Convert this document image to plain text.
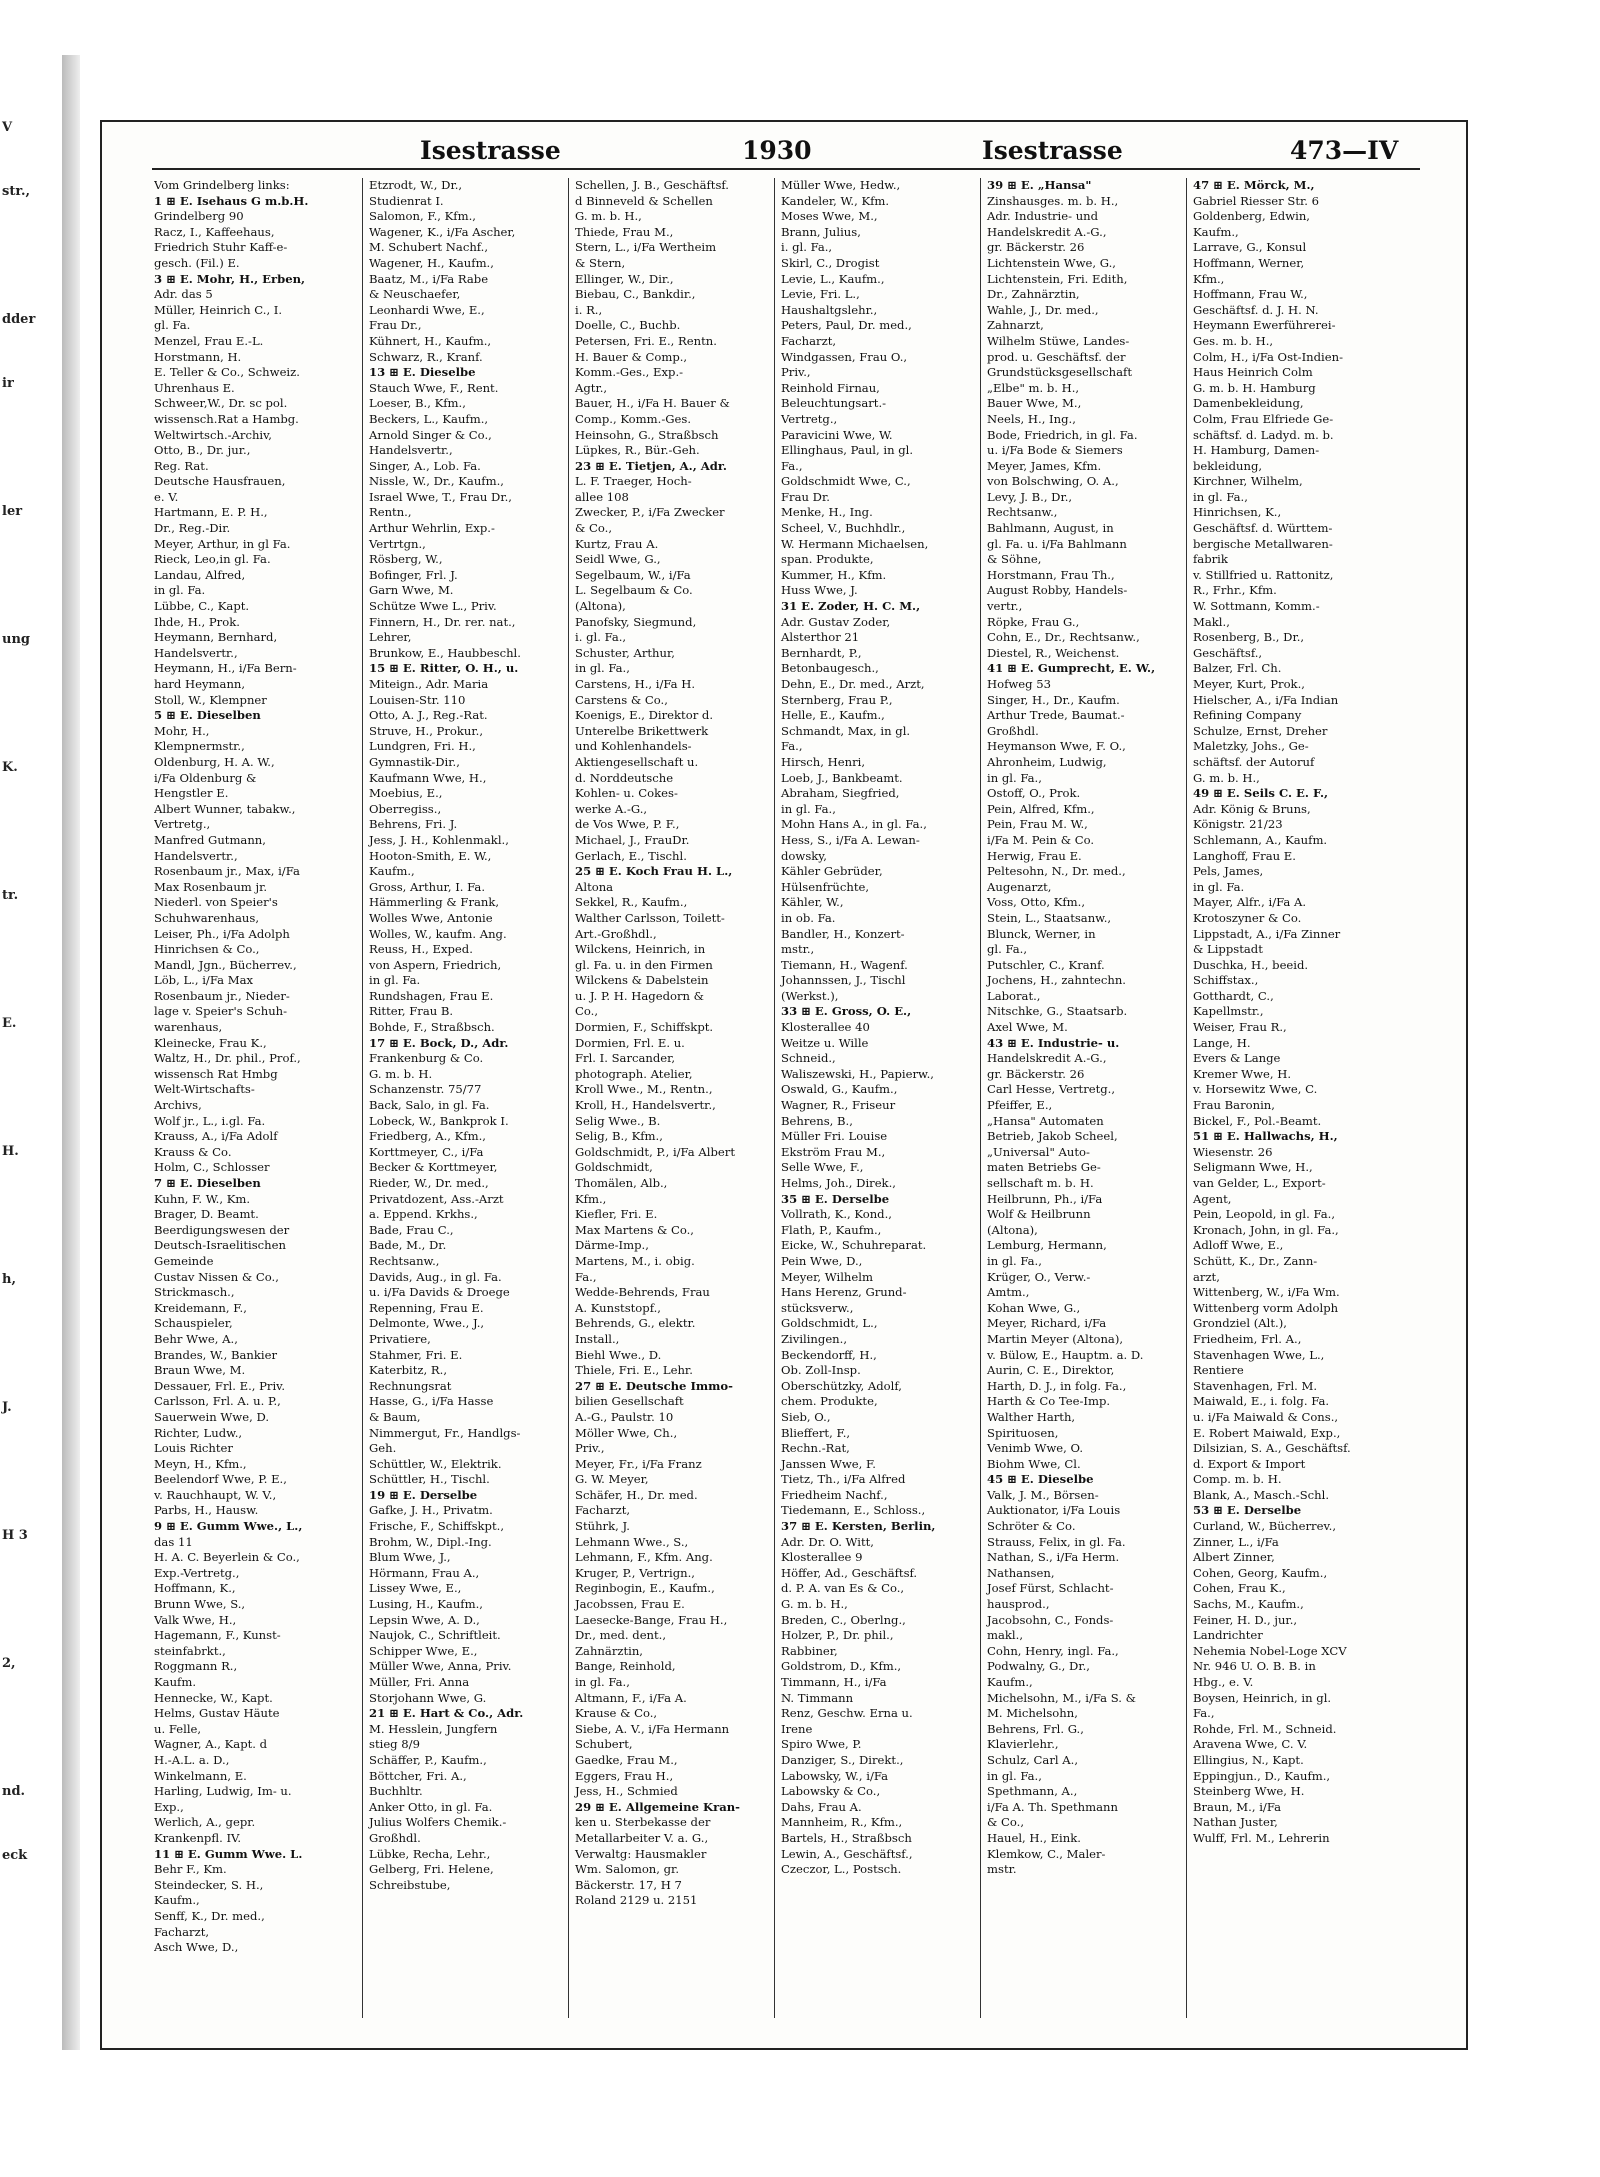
V
str.,
dder
ir
ler
ung
K.
tr.
E.
H.
h,
J.
H 3
2,
nd.
eck
Isestrasse	1930	Isestrasse	473—IV
Vom Grindelberg links:
1 ⊞ E. Isehaus G m.b.H.
Grindelberg 90
Racz, I., Kaffeehaus,
Friedrich Stuhr Kaff-e-
gesch. (Fil.) E.
3 ⊞ E. Mohr, H., Erben,
Adr. das 5
Müller, Heinrich C., I.
gl. Fa.
Menzel, Frau E.-L.
Horstmann, H.
E. Teller & Co., Schweiz.
Uhrenhaus E.
Schweer,W., Dr. sc pol.
wissensch.Rat a Hambg.
Weltwirtsch.-Archiv,
Otto, B., Dr. jur.,
Reg. Rat.
Deutsche Hausfrauen,
e. V.
Hartmann, E. P. H.,
Dr., Reg.-Dir.
Meyer, Arthur, in gl Fa.
Rieck, Leo,in gl. Fa.
Landau, Alfred,
in gl. Fa.
Lübbe, C., Kapt.
Ihde, H., Prok.
Heymann, Bernhard,
Handelsvertr.,
Heymann, H., i/Fa Bern-
hard Heymann,
Stoll, W., Klempner
5 ⊞ E. Dieselben
Mohr, H.,
Klempnermstr.,
Oldenburg, H. A. W.,
i/Fa Oldenburg &
Hengstler E.
Albert Wunner, tabakw.,
Vertretg.,
Manfred Gutmann,
Handelsvertr.,
Rosenbaum jr., Max, i/Fa
Max Rosenbaum jr.
Niederl. von Speier's
Schuhwarenhaus,
Leiser, Ph., i/Fa Adolph
Hinrichsen & Co.,
Mandl, Jgn., Bücherrev.,
Löb, L., i/Fa Max
Rosenbaum jr., Nieder-
lage v. Speier's Schuh-
warenhaus,
Kleinecke, Frau K.,
Waltz, H., Dr. phil., Prof.,
wissensch Rat Hmbg
Welt-Wirtschafts-
Archivs,
Wolf jr., L., i.gl. Fa.
Krauss, A., i/Fa Adolf
Krauss & Co.
Holm, C., Schlosser
7 ⊞ E. Dieselben
Kuhn, F. W., Km.
Brager, D. Beamt.
Beerdigungswesen der
Deutsch-Israelitischen
Gemeinde
Custav Nissen & Co.,
Strickmasch.,
Kreidemann, F.,
Schauspieler,
Behr Wwe, A.,
Brandes, W., Bankier
Braun Wwe, M.
Dessauer, Frl. E., Priv.
Carlsson, Frl. A. u. P.,
Sauerwein Wwe, D.
Richter, Ludw.,
Louis Richter
Meyn, H., Kfm.,
Beelendorf Wwe, P. E.,
v. Rauchhaupt, W. V.,
Parbs, H., Hausw.
9 ⊞ E. Gumm Wwe., L.,
das 11
H. A. C. Beyerlein & Co.,
Exp.-Vertretg.,
Hoffmann, K.,
Brunn Wwe, S.,
Valk Wwe, H.,
Hagemann, F., Kunst-
steinfabrkt.,
Roggmann R.,
Kaufm.
Hennecke, W., Kapt.
Helms, Gustav Häute
u. Felle,
Wagner, A., Kapt. d
H.-A.L. a. D.,
Winkelmann, E.
Harling, Ludwig, Im- u.
Exp.,
Werlich, A., gepr.
Krankenpfl. IV.
11 ⊞ E. Gumm Wwe. L.
Behr F., Km.
Steindecker, S. H.,
Kaufm.,
Senff, K., Dr. med.,
Facharzt,
Asch Wwe, D.,
Etzrodt, W., Dr.,
Studienrat I.
Salomon, F., Kfm.,
Wagener, K., i/Fa Ascher,
M. Schubert Nachf.,
Wagener, H., Kaufm.,
Baatz, M., i/Fa Rabe
& Neuschaefer,
Leonhardi Wwe, E.,
Frau Dr.,
Kühnert, H., Kaufm.,
Schwarz, R., Kranf.
13 ⊞ E. Dieselbe
Stauch Wwe, F., Rent.
Loeser, B., Kfm.,
Beckers, L., Kaufm.,
Arnold Singer & Co.,
Handelsvertr.,
Singer, A., Lob. Fa.
Nissle, W., Dr., Kaufm.,
Israel Wwe, T., Frau Dr.,
Rentn.,
Arthur Wehrlin, Exp.-
Vertrtgn.,
Rösberg, W.,
Bofinger, Frl. J.
Garn Wwe, M.
Schütze Wwe L., Priv.
Finnern, H., Dr. rer. nat.,
Lehrer,
Brunkow, E., Haubbeschl.
15 ⊞ E. Ritter, O. H., u.
Miteign., Adr. Maria
Louisen-Str. 110
Otto, A. J., Reg.-Rat.
Struve, H., Prokur.,
Lundgren, Fri. H.,
Gymnastik-Dir.,
Kaufmann Wwe, H.,
Moebius, E.,
Oberregiss.,
Behrens, Fri. J.
Jess, J. H., Kohlenmakl.,
Hooton-Smith, E. W.,
Kaufm.,
Gross, Arthur, I. Fa.
Hämmerling & Frank,
Wolles Wwe, Antonie
Wolles, W., kaufm. Ang.
Reuss, H., Exped.
von Aspern, Friedrich,
in gl. Fa.
Rundshagen, Frau E.
Ritter, Frau B.
Bohde, F., Straßbsch.
17 ⊞ E. Bock, D., Adr.
Frankenburg & Co.
G. m. b. H.
Schanzenstr. 75/77
Back, Salo, in gl. Fa.
Lobeck, W., Bankprok I.
Friedberg, A., Kfm.,
Korttmeyer, C., i/Fa
Becker & Korttmeyer,
Rieder, W., Dr. med.,
Privatdozent, Ass.-Arzt
a. Eppend. Krkhs.,
Bade, Frau C.,
Bade, M., Dr.
Rechtsanw.,
Davids, Aug., in gl. Fa.
u. i/Fa Davids & Droege
Repenning, Frau E.
Delmonte, Wwe., J.,
Privatiere,
Stahmer, Fri. E.
Katerbitz, R.,
Rechnungsrat
Hasse, G., i/Fa Hasse
& Baum,
Nimmergut, Fr., Handlgs-
Geh.
Schüttler, W., Elektrik.
Schüttler, H., Tischl.
19 ⊞ E. Derselbe
Gafke, J. H., Privatm.
Frische, F., Schiffskpt.,
Brohm, W., Dipl.-Ing.
Blum Wwe, J.,
Hörmann, Frau A.,
Lissey Wwe, E.,
Lusing, H., Kaufm.,
Lepsin Wwe, A. D.,
Naujok, C., Schriftleit.
Schipper Wwe, E.,
Müller Wwe, Anna, Priv.
Müller, Fri. Anna
Storjohann Wwe, G.
21 ⊞ E. Hart & Co., Adr.
M. Hesslein, Jungfern
stieg 8/9
Schäffer, P., Kaufm.,
Böttcher, Fri. A.,
Buchhltr.
Anker Otto, in gl. Fa.
Julius Wolfers Chemik.-
Großhdl.
Lübke, Recha, Lehr.,
Gelberg, Fri. Helene,
Schreibstube,
Schellen, J. B., Geschäftsf.
d Binneveld & Schellen
G. m. b. H.,
Thiede, Frau M.,
Stern, L., i/Fa Wertheim
& Stern,
Ellinger, W., Dir.,
Biebau, C., Bankdir.,
i. R.,
Doelle, C., Buchb.
Petersen, Fri. E., Rentn.
H. Bauer & Comp.,
Komm.-Ges., Exp.-
Agtr.,
Bauer, H., i/Fa H. Bauer &
Comp., Komm.-Ges.
Heinsohn, G., Straßbsch
Lüpkes, R., Bür.-Geh.
23 ⊞ E. Tietjen, A., Adr.
L. F. Traeger, Hoch-
allee 108
Zwecker, P., i/Fa Zwecker
& Co.,
Kurtz, Frau A.
Seidl Wwe, G.,
Segelbaum, W., i/Fa
L. Segelbaum & Co.
(Altona),
Panofsky, Siegmund,
i. gl. Fa.,
Schuster, Arthur,
in gl. Fa.,
Carstens, H., i/Fa H.
Carstens & Co.,
Koenigs, E., Direktor d.
Unterelbe Brikettwerk
und Kohlenhandels-
Aktiengesellschaft u.
d. Norddeutsche
Kohlen- u. Cokes-
werke A.-G.,
de Vos Wwe, P. F.,
Michael, J., FrauDr.
Gerlach, E., Tischl.
25 ⊞ E. Koch Frau H. L.,
Altona
Sekkel, R., Kaufm.,
Walther Carlsson, Toilett-
Art.-Großhdl.,
Wilckens, Heinrich, in
gl. Fa. u. in den Firmen
Wilckens & Dabelstein
u. J. P. H. Hagedorn &
Co.,
Dormien, F., Schiffskpt.
Dormien, Frl. E. u.
Frl. I. Sarcander,
photograph. Atelier,
Kroll Wwe., M., Rentn.,
Kroll, H., Handelsvertr.,
Selig Wwe., B.
Selig, B., Kfm.,
Goldschmidt, P., i/Fa Albert
Goldschmidt,
Thomälen, Alb.,
Kfm.,
Kiefler, Fri. E.
Max Martens & Co.,
Därme-Imp.,
Martens, M., i. obig.
Fa.,
Wedde-Behrends, Frau
A. Kunststopf.,
Behrends, G., elektr.
Install.,
Biehl Wwe., D.
Thiele, Fri. E., Lehr.
27 ⊞ E. Deutsche Immo-
bilien Gesellschaft
A.-G., Paulstr. 10
Möller Wwe, Ch.,
Priv.,
Meyer, Fr., i/Fa Franz
G. W. Meyer,
Schäfer, H., Dr. med.
Facharzt,
Stührk, J.
Lehmann Wwe., S.,
Lehmann, F., Kfm. Ang.
Kruger, P., Vertrign.,
Reginbogin, E., Kaufm.,
Jacobssen, Frau E.
Laesecke-Bange, Frau H.,
Dr., med. dent.,
Zahnärztin,
Bange, Reinhold,
in gl. Fa.,
Altmann, F., i/Fa A.
Krause & Co.,
Siebe, A. V., i/Fa Hermann
Schubert,
Gaedke, Frau M.,
Eggers, Frau H.,
Jess, H., Schmied
29 ⊞ E. Allgemeine Kran-
ken u. Sterbekasse der
Metallarbeiter V. a. G.,
Verwaltg: Hausmakler
Wm. Salomon, gr.
Bäckerstr. 17, H 7
Roland 2129 u. 2151
Müller Wwe, Hedw.,
Kandeler, W., Kfm.
Moses Wwe, M.,
Brann, Julius,
i. gl. Fa.,
Skirl, C., Drogist
Levie, L., Kaufm.,
Levie, Fri. L.,
Haushaltgslehr.,
Peters, Paul, Dr. med.,
Facharzt,
Windgassen, Frau O.,
Priv.,
Reinhold Firnau,
Beleuchtungsart.-
Vertretg.,
Paravicini Wwe, W.
Ellinghaus, Paul, in gl.
Fa.,
Goldschmidt Wwe, C.,
Frau Dr.
Menke, H., Ing.
Scheel, V., Buchhdlr.,
W. Hermann Michaelsen,
span. Produkte,
Kummer, H., Kfm.
Huss Wwe, J.
31 E. Zoder, H. C. M.,
Adr. Gustav Zoder,
Alsterthor 21
Bernhardt, P.,
Betonbaugesch.,
Dehn, E., Dr. med., Arzt,
Sternberg, Frau P.,
Helle, E., Kaufm.,
Schmandt, Max, in gl.
Fa.,
Hirsch, Henri,
Loeb, J., Bankbeamt.
Abraham, Siegfried,
in gl. Fa.,
Mohn Hans A., in gl. Fa.,
Hess, S., i/Fa A. Lewan-
dowsky,
Kähler Gebrüder,
Hülsenfrüchte,
Kähler, W.,
in ob. Fa.
Bandler, H., Konzert-
mstr.,
Tiemann, H., Wagenf.
Johannssen, J., Tischl
(Werkst.),
33 ⊞ E. Gross, O. E.,
Klosterallee 40
Weitze u. Wille
Schneid.,
Waliszewski, H., Papierw.,
Oswald, G., Kaufm.,
Wagner, R., Friseur
Behrens, B.,
Müller Fri. Louise
Ekström Frau M.,
Selle Wwe, F.,
Helms, Joh., Direk.,
35 ⊞ E. Derselbe
Vollrath, K., Kond.,
Flath, P., Kaufm.,
Eicke, W., Schuhreparat.
Pein Wwe, D.,
Meyer, Wilhelm
Hans Herenz, Grund-
stücksverw.,
Goldschmidt, L.,
Zivilingen.,
Beckendorff, H.,
Ob. Zoll-Insp.
Oberschützky, Adolf,
chem. Produkte,
Sieb, O.,
Blieffert, F.,
Rechn.-Rat,
Janssen Wwe, F.
Tietz, Th., i/Fa Alfred
Friedheim Nachf.,
Tiedemann, E., Schloss.,
37 ⊞ E. Kersten, Berlin,
Adr. Dr. O. Witt,
Klosterallee 9
Höffer, Ad., Geschäftsf.
d. P. A. van Es & Co.,
G. m. b. H.,
Breden, C., Oberlng.,
Holzer, P., Dr. phil.,
Rabbiner,
Goldstrom, D., Kfm.,
Timmann, H., i/Fa
N. Timmann
Renz, Geschw. Erna u.
Irene
Spiro Wwe, P.
Danziger, S., Direkt.,
Labowsky, W., i/Fa
Labowsky & Co.,
Dahs, Frau A.
Mannheim, R., Kfm.,
Bartels, H., Straßbsch
Lewin, A., Geschäftsf.,
Czeczor, L., Postsch.
39 ⊞ E. „Hansa"
Zinshausges. m. b. H.,
Adr. Industrie- und
Handelskredit A.-G.,
gr. Bäckerstr. 26
Lichtenstein Wwe, G.,
Lichtenstein, Fri. Edith,
Dr., Zahnärztin,
Wahle, J., Dr. med.,
Zahnarzt,
Wilhelm Stüwe, Landes-
prod. u. Geschäftsf. der
Grundstücksgesellschaft
„Elbe" m. b. H.,
Bauer Wwe, M.,
Neels, H., Ing.,
Bode, Friedrich, in gl. Fa.
u. i/Fa Bode & Siemers
Meyer, James, Kfm.
von Bolschwing, O. A.,
Levy, J. B., Dr.,
Rechtsanw.,
Bahlmann, August, in
gl. Fa. u. i/Fa Bahlmann
& Söhne,
Horstmann, Frau Th.,
August Robby, Handels-
vertr.,
Röpke, Frau G.,
Cohn, E., Dr., Rechtsanw.,
Diestel, R., Weichenst.
41 ⊞ E. Gumprecht, E. W.,
Hofweg 53
Singer, H., Dr., Kaufm.
Arthur Trede, Baumat.-
Großhdl.
Heymanson Wwe, F. O.,
Ahronheim, Ludwig,
in gl. Fa.,
Ostoff, O., Prok.
Pein, Alfred, Kfm.,
Pein, Frau M. W.,
i/Fa M. Pein & Co.
Herwig, Frau E.
Peltesohn, N., Dr. med.,
Augenarzt,
Voss, Otto, Kfm.,
Stein, L., Staatsanw.,
Blunck, Werner, in
gl. Fa.,
Putschler, C., Kranf.
Jochens, H., zahntechn.
Laborat.,
Nitschke, G., Staatsarb.
Axel Wwe, M.
43 ⊞ E. Industrie- u.
Handelskredit A.-G.,
gr. Bäckerstr. 26
Carl Hesse, Vertretg.,
Pfeiffer, E.,
„Hansa" Automaten
Betrieb, Jakob Scheel,
„Universal" Auto-
maten Betriebs Ge-
sellschaft m. b. H.
Heilbrunn, Ph., i/Fa
Wolf & Heilbrunn
(Altona),
Lemburg, Hermann,
in gl. Fa.,
Krüger, O., Verw.-
Amtm.,
Kohan Wwe, G.,
Meyer, Richard, i/Fa
Martin Meyer (Altona),
v. Bülow, E., Hauptm. a. D.
Aurin, C. E., Direktor,
Harth, D. J., in folg. Fa.,
Harth & Co Tee-Imp.
Walther Harth,
Spirituosen,
Venimb Wwe, O.
Biohm Wwe, Cl.
45 ⊞ E. Dieselbe
Valk, J. M., Börsen-
Auktionator, i/Fa Louis
Schröter & Co.
Strauss, Felix, in gl. Fa.
Nathan, S., i/Fa Herm.
Nathansen,
Josef Fürst, Schlacht-
hausprod.,
Jacobsohn, C., Fonds-
makl.,
Cohn, Henry, ingl. Fa.,
Podwalny, G., Dr.,
Kaufm.,
Michelsohn, M., i/Fa S. &
M. Michelsohn,
Behrens, Frl. G.,
Klavierlehr.,
Schulz, Carl A.,
in gl. Fa.,
Spethmann, A.,
i/Fa A. Th. Spethmann
& Co.,
Hauel, H., Eink.
Klemkow, C., Maler-
mstr.
47 ⊞ E. Mörck, M.,
Gabriel Riesser Str. 6
Goldenberg, Edwin,
Kaufm.,
Larrave, G., Konsul
Hoffmann, Werner,
Kfm.,
Hoffmann, Frau W.,
Geschäftsf. d. J. H. N.
Heymann Ewerführerei-
Ges. m. b. H.,
Colm, H., i/Fa Ost-Indien-
Haus Heinrich Colm
G. m. b. H. Hamburg
Damenbekleidung,
Colm, Frau Elfriede Ge-
schäftsf. d. Ladyd. m. b.
H. Hamburg, Damen-
bekleidung,
Kirchner, Wilhelm,
in gl. Fa.,
Hinrichsen, K.,
Geschäftsf. d. Württem-
bergische Metallwaren-
fabrik
v. Stillfried u. Rattonitz,
R., Frhr., Kfm.
W. Sottmann, Komm.-
Makl.,
Rosenberg, B., Dr.,
Geschäftsf.,
Balzer, Frl. Ch.
Meyer, Kurt, Prok.,
Hielscher, A., i/Fa Indian
Refining Company
Schulze, Ernst, Dreher
Maletzky, Johs., Ge-
schäftsf. der Autoruf
G. m. b. H.,
49 ⊞ E. Seils C. E. F.,
Adr. König & Bruns,
Königstr. 21/23
Schlemann, A., Kaufm.
Langhoff, Frau E.
Pels, James,
in gl. Fa.
Mayer, Alfr., i/Fa A.
Krotoszyner & Co.
Lippstadt, A., i/Fa Zinner
& Lippstadt
Duschka, H., beeid.
Schiffstax.,
Gotthardt, C.,
Kapellmstr.,
Weiser, Frau R.,
Lange, H.
Evers & Lange
Kremer Wwe, H.
v. Horsewitz Wwe, C.
Frau Baronin,
Bickel, F., Pol.-Beamt.
51 ⊞ E. Hallwachs, H.,
Wiesenstr. 26
Seligmann Wwe, H.,
van Gelder, L., Export-
Agent,
Pein, Leopold, in gl. Fa.,
Kronach, John, in gl. Fa.,
Adloff Wwe, E.,
Schütt, K., Dr., Zann-
arzt,
Wittenberg, W., i/Fa Wm.
Wittenberg vorm Adolph
Grondziel (Alt.),
Friedheim, Frl. A.,
Stavenhagen Wwe, L.,
Rentiere
Stavenhagen, Frl. M.
Maiwald, E., i. folg. Fa.
u. i/Fa Maiwald & Cons.,
E. Robert Maiwald, Exp.,
Dilsizian, S. A., Geschäftsf.
d. Export & Import
Comp. m. b. H.
Blank, A., Masch.-Schl.
53 ⊞ E. Derselbe
Curland, W., Bücherrev.,
Zinner, L., i/Fa
Albert Zinner,
Cohen, Georg, Kaufm.,
Cohen, Frau K.,
Sachs, M., Kaufm.,
Feiner, H. D., jur.,
Landrichter
Nehemia Nobel-Loge XCV
Nr. 946 U. O. B. B. in
Hbg., e. V.
Boysen, Heinrich, in gl.
Fa.,
Rohde, Frl. M., Schneid.
Aravena Wwe, C. V.
Ellingius, N., Kapt.
Eppingjun., D., Kaufm.,
Steinberg Wwe, H.
Braun, M., i/Fa
Nathan Juster,
Wulff, Frl. M., Lehrerin
